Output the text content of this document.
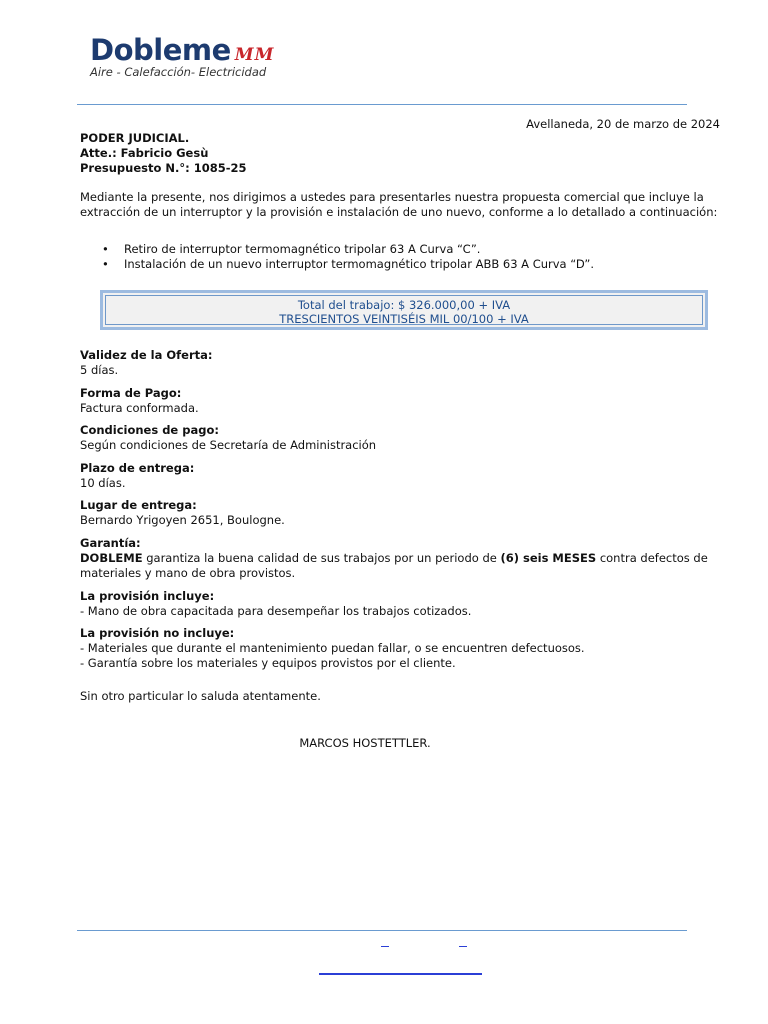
Dobleme MM
Aire - Calefacción- Electricidad
Avellaneda, 20 de marzo de 2024
PODER JUDICIAL.
Atte.: Fabricio Gesù
Presupuesto N.°: 1085-25
Mediante la presente, nos dirigimos a ustedes para presentarles nuestra propuesta comercial que incluye la
extracción de un interruptor y la provisión e instalación de uno nuevo, conforme a lo detallado a continuación:
• Retiro de interruptor termomagnético tripolar 63 A Curva “C”.
• Instalación de un nuevo interruptor termomagnético tripolar ABB 63 A Curva “D”.
Total del trabajo: $ 326.000,00 + IVA
TRESCIENTOS VEINTISÉIS MIL 00/100 + IVA
Validez de la Oferta:
5 días.
Forma de Pago:
Factura conformada.
Condiciones de pago:
Según condiciones de Secretaría de Administración
Plazo de entrega:
10 días.
Lugar de entrega:
Bernardo Yrigoyen 2651, Boulogne.
Garantía:
DOBLEME garantiza la buena calidad de sus trabajos por un periodo de (6) seis MESES contra defectos de
materiales y mano de obra provistos.
La provisión incluye:
- Mano de obra capacitada para desempeñar los trabajos cotizados.
La provisión no incluye:
- Materiales que durante el mantenimiento puedan fallar, o se encuentren defectuosos.
- Garantía sobre los materiales y equipos provistos por el cliente.
Sin otro particular lo saluda atentamente.
MARCOS HOSTETTLER.
